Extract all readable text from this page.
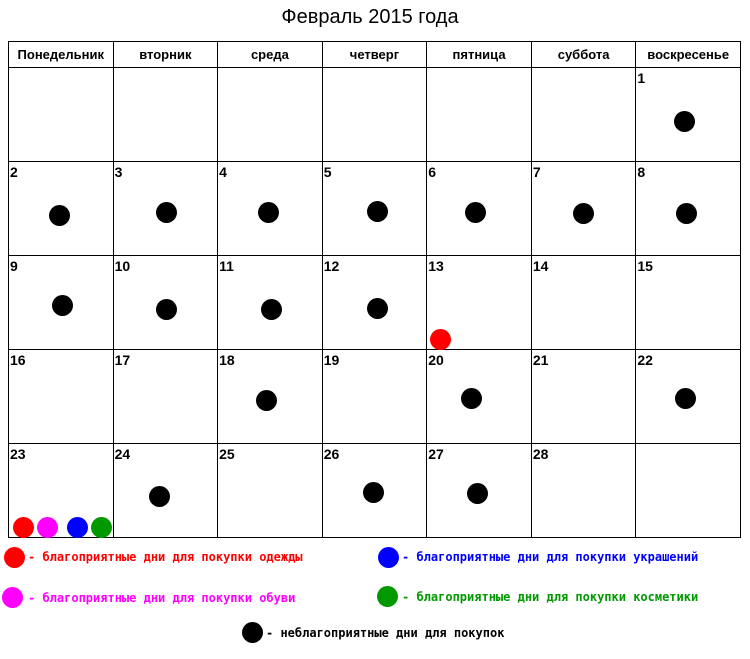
Февраль 2015 года
Понедельник	вторник	среда	четверг	пятница	суббота	воскресенье

						1

2	3	4	5	6	7	8

9	10	11	12	13	14	15

16	17	18	19	20	21	22

23	24	25	26	27	28	

- благоприятные дни для покупки одежды	- благоприятные дни для покупки украшений
- благоприятные дни для покупки обуви	- благоприятные дни для покупки косметики
- неблагоприятные дни для покупок
